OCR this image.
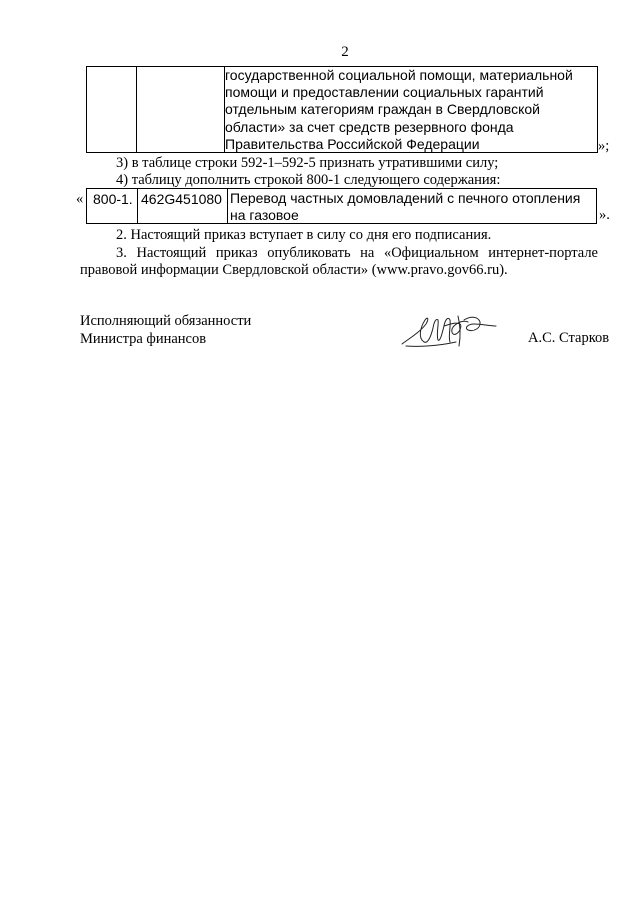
2
государственной социальной помощи, материальной
помощи и предоставлении социальных гарантий
отдельным категориям граждан в Свердловской
области» за счет средств резервного фонда
Правительства Российской Федерации	»;
3) в таблице строки 592-1–592-5 признать утратившими силу;
4) таблицу дополнить строкой 800-1 следующего содержания:
« 800-1. 462G451080 Перевод частных домовладений с печного отопления
на газовое	».
2. Настоящий приказ вступает в силу со дня его подписания.
3. Настоящий приказ опубликовать на «Официальном интернет-портале
правовой информации Свердловской области» (www.pravo.gov66.ru).
Исполняющий обязанности
Министра финансов	А.С. Старков
